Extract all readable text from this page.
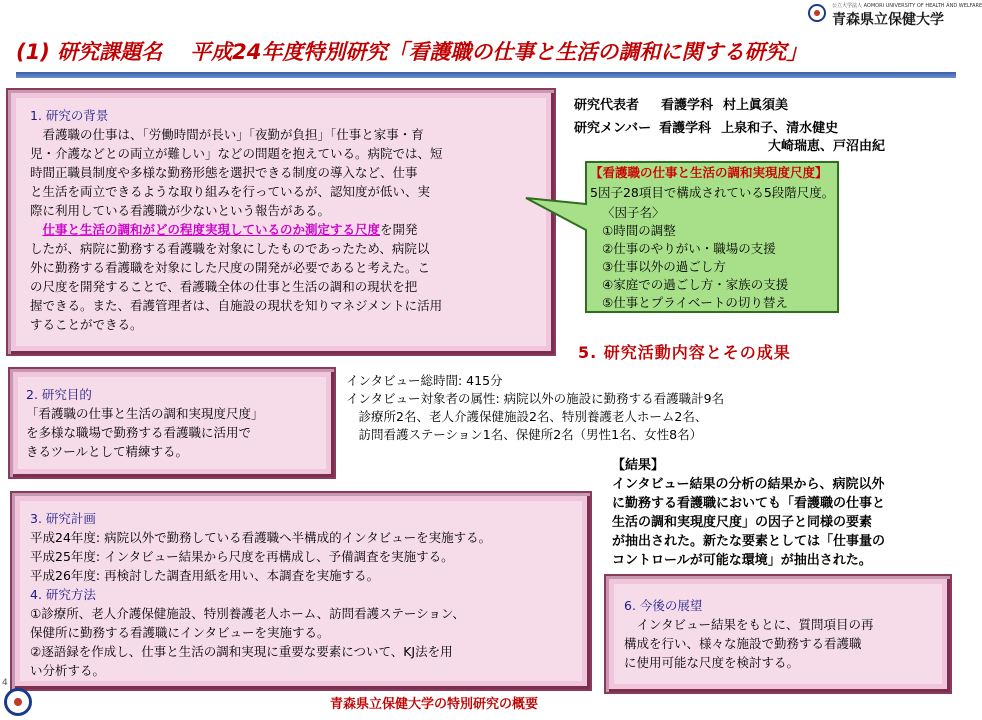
公立大学法人 AOMORI UNIVERSITY OF HEALTH AND WELFARE
青森県立保健大学
(1) 研究課題名 平成24年度特別研究「看護職の仕事と生活の調和に関する研究」
1. 研究の背景
　看護職の仕事は、「労働時間が長い」「夜勤が負担」「仕事と家事・育
児・介護などとの両立が難しい」などの問題を抱えている。病院では、短
時間正職員制度や多様な勤務形態を選択できる制度の導入など、仕事
と生活を両立できるような取り組みを行っているが、認知度が低い、実
際に利用している看護職が少ないという報告がある。
　仕事と生活の調和がどの程度実現しているのか測定する尺度を開発
したが、病院に勤務する看護職を対象にしたものであったため、病院以
外に勤務する看護職を対象にした尺度の開発が必要であると考えた。こ
の尺度を開発することで、看護職全体の仕事と生活の調和の現状を把
握できる。また、看護管理者は、自施設の現状を知りマネジメントに活用
することができる。
研究代表者 看護学科 村上眞須美
研究メンバー 看護学科 上泉和子、清水健史
大崎瑞恵、戸沼由紀
【看護職の仕事と生活の調和実現度尺度】
5因子28項目で構成されている5段階尺度。
〈因子名〉
①時間の調整
②仕事のやりがい・職場の支援
③仕事以外の過ごし方
④家庭での過ごし方・家族の支援
⑤仕事とプライベートの切り替え
5. 研究活動内容とその成果
2. 研究目的
「看護職の仕事と生活の調和実現度尺度」
を多様な職場で勤務する看護職に活用で
きるツールとして精練する。
インタビュー総時間: 415分
インタビュー対象者の属性: 病院以外の施設に勤務する看護職計9名
　診療所2名、老人介護保健施設2名、特別養護老人ホーム2名、
　訪問看護ステーション1名、保健所2名（男性1名、女性8名）
【結果】
インタビュー結果の分析の結果から、病院以外
に勤務する看護職においても「看護職の仕事と
生活の調和実現度尺度」の因子と同様の要素
が抽出された。新たな要素としては「仕事量の
コントロールが可能な環境」が抽出された。
3. 研究計画
平成24年度: 病院以外で勤務している看護職へ半構成的インタビューを実施する。
平成25年度: インタビュー結果から尺度を再構成し、予備調査を実施する。
平成26年度: 再検討した調査用紙を用い、本調査を実施する。
4. 研究方法
①診療所、老人介護保健施設、特別養護老人ホーム、訪問看護ステーション、
保健所に勤務する看護職にインタビューを実施する。
②逐語録を作成し、仕事と生活の調和実現に重要な要素について、KJ法を用
い分析する。
6. 今後の展望
　インタビュー結果をもとに、質問項目の再
構成を行い、様々な施設で勤務する看護職
に使用可能な尺度を検討する。
4
青森県立保健大学の特別研究の概要
